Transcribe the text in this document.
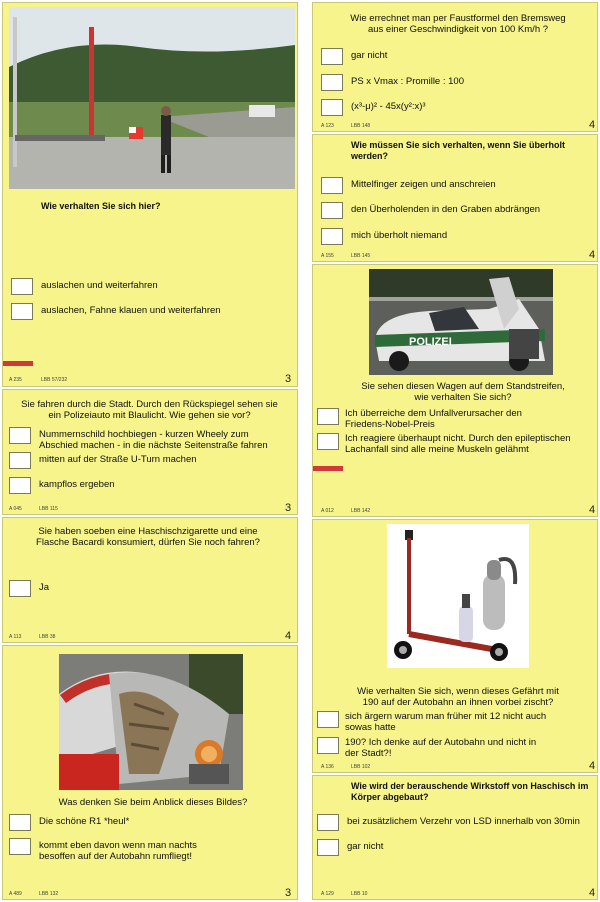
Wie verhalten Sie sich hier?
auslachen und weiterfahren
auslachen, Fahne klauen und weiterfahren
A 235	LBB 57/232	3
Sie fahren durch die Stadt. Durch den Rückspiegel sehen sie ein Polizeiauto mit Blaulicht. Wie gehen sie vor?
Nummernschild hochbiegen - kurzen Wheely zum
Abschied machen - in die nächste Seitenstraße fahren
mitten auf der Straße U-Turn machen
kampflos ergeben
A 045	LBB 115	3
Sie haben soeben eine Haschischzigarette und eine Flasche Bacardi konsumiert, dürfen Sie noch fahren?
Ja
A 113	LBB 38	4
Was denken Sie beim Anblick dieses Bildes?
Die schöne R1 *heul*
kommt eben davon wenn man nachts
besoffen auf der Autobahn rumfliegt!
A 489	LBB 132	3
Wie errechnet man per Faustformel den Bremsweg aus einer Geschwindigkeit von 100 Km/h ?
gar nicht
PS x Vmax : Promille : 100
(x³-μ)² - 45x(y²:x)³
A 123	LBB 148	4
Wie müssen Sie sich verhalten, wenn Sie überholt werden?
Mittelfinger zeigen und anschreien
den Überholenden in den Graben abdrängen
mich überholt niemand
A 155	LBB 145	4
POLIZEI
Sie sehen diesen Wagen auf dem Standstreifen, wie verhalten Sie sich?
Ich überreiche dem Unfallverursacher den
Friedens-Nobel-Preis
Ich reagiere überhaupt nicht. Durch den epileptischen
Lachanfall sind alle meine Muskeln gelähmt
A 012	LBB 142	4
Wie verhalten Sie sich, wenn dieses Gefährt mit 190 auf der Autobahn an ihnen vorbei zischt?
sich ärgern warum man früher mit 12 nicht auch
sowas hatte
190? Ich denke auf der Autobahn und nicht in
der Stadt?!
A 136	LBB 102	4
Wie wird der berauschende Wirkstoff von Haschisch im Körper abgebaut?
bei zusätzlichem Verzehr von LSD innerhalb von 30min
gar nicht
A 129	LBB 10	4
